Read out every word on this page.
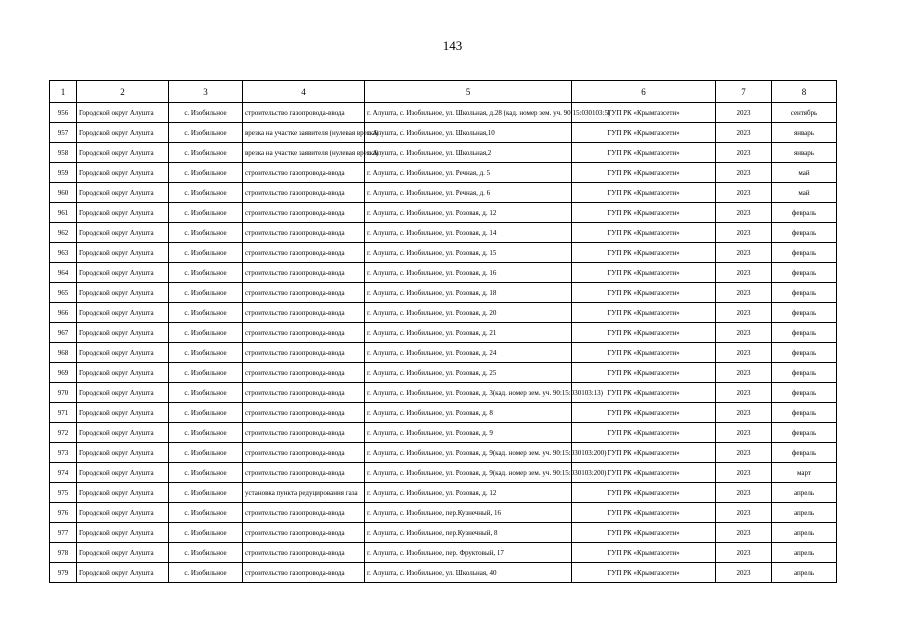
143
1	2	3	4	5	6	7	8
956	Городской округ Алушта	с. Изобильное	строительство газопровода-ввода	г. Алушта, с. Изобильное, ул. Школьная, д.28 (кад. номер зем. уч. 90:15:030103:5)	ГУП РК «Крымгазсети»	2023	сентябрь
957	Городской округ Алушта	с. Изобильное	врезка на участке заявителя (нулевая врезка)	г. Алушта, с. Изобильное, ул. Школьная,10	ГУП РК «Крымгазсети»	2023	январь
958	Городской округ Алушта	с. Изобильное	врезка на участке заявителя (нулевая врезка)	г. Алушта, с. Изобильное, ул. Школьная,2	ГУП РК «Крымгазсети»	2023	январь
959	Городской округ Алушта	с. Изобильное	строительство газопровода-ввода	г. Алушта, с. Изобильное, ул. Речная, д. 5	ГУП РК «Крымгазсети»	2023	май
960	Городской округ Алушта	с. Изобильное	строительство газопровода-ввода	г. Алушта, с. Изобильное, ул. Речная, д. 6	ГУП РК «Крымгазсети»	2023	май
961	Городской округ Алушта	с. Изобильное	строительство газопровода-ввода	г. Алушта, с. Изобильное, ул. Розовая, д. 12	ГУП РК «Крымгазсети»	2023	февраль
962	Городской округ Алушта	с. Изобильное	строительство газопровода-ввода	г. Алушта, с. Изобильное, ул. Розовая, д. 14	ГУП РК «Крымгазсети»	2023	февраль
963	Городской округ Алушта	с. Изобильное	строительство газопровода-ввода	г. Алушта, с. Изобильное, ул. Розовая, д. 15	ГУП РК «Крымгазсети»	2023	февраль
964	Городской округ Алушта	с. Изобильное	строительство газопровода-ввода	г. Алушта, с. Изобильное, ул. Розовая, д. 16	ГУП РК «Крымгазсети»	2023	февраль
965	Городской округ Алушта	с. Изобильное	строительство газопровода-ввода	г. Алушта, с. Изобильное, ул. Розовая, д. 18	ГУП РК «Крымгазсети»	2023	февраль
966	Городской округ Алушта	с. Изобильное	строительство газопровода-ввода	г. Алушта, с. Изобильное, ул. Розовая, д. 20	ГУП РК «Крымгазсети»	2023	февраль
967	Городской округ Алушта	с. Изобильное	строительство газопровода-ввода	г. Алушта, с. Изобильное, ул. Розовая, д. 21	ГУП РК «Крымгазсети»	2023	февраль
968	Городской округ Алушта	с. Изобильное	строительство газопровода-ввода	г. Алушта, с. Изобильное, ул. Розовая, д. 24	ГУП РК «Крымгазсети»	2023	февраль
969	Городской округ Алушта	с. Изобильное	строительство газопровода-ввода	г. Алушта, с. Изобильное, ул. Розовая, д. 25	ГУП РК «Крымгазсети»	2023	февраль
970	Городской округ Алушта	с. Изобильное	строительство газопровода-ввода	г. Алушта, с. Изобильное, ул. Розовая, д. 3(кад. номер зем. уч. 90:15:030103:13)	ГУП РК «Крымгазсети»	2023	февраль
971	Городской округ Алушта	с. Изобильное	строительство газопровода-ввода	г. Алушта, с. Изобильное, ул. Розовая, д. 8	ГУП РК «Крымгазсети»	2023	февраль
972	Городской округ Алушта	с. Изобильное	строительство газопровода-ввода	г. Алушта, с. Изобильное, ул. Розовая, д. 9	ГУП РК «Крымгазсети»	2023	февраль
973	Городской округ Алушта	с. Изобильное	строительство газопровода-ввода	г. Алушта, с. Изобильное, ул. Розовая, д. 9(кад. номер зем. уч. 90:15:030103:200)	ГУП РК «Крымгазсети»	2023	февраль
974	Городской округ Алушта	с. Изобильное	строительство газопровода-ввода	г. Алушта, с. Изобильное, ул. Розовая, д. 9(кад. номер зем. уч. 90:15:030103:200)	ГУП РК «Крымгазсети»	2023	март
975	Городской округ Алушта	с. Изобильное	установка пункта редуцирования газа	г. Алушта, с. Изобильное, ул. Розовая, д. 12	ГУП РК «Крымгазсети»	2023	апрель
976	Городской округ Алушта	с. Изобильное	строительство газопровода-ввода	г. Алушта, с. Изобильное, пер.Кузнечный, 16	ГУП РК «Крымгазсети»	2023	апрель
977	Городской округ Алушта	с. Изобильное	строительство газопровода-ввода	г. Алушта, с. Изобильное, пер.Кузнечный, 8	ГУП РК «Крымгазсети»	2023	апрель
978	Городской округ Алушта	с. Изобильное	строительство газопровода-ввода	г. Алушта, с. Изобильное, пер. Фруктовый, 17	ГУП РК «Крымгазсети»	2023	апрель
979	Городской округ Алушта	с. Изобильное	строительство газопровода-ввода	г. Алушта, с. Изобильное, ул. Школьная, 40	ГУП РК «Крымгазсети»	2023	апрель
